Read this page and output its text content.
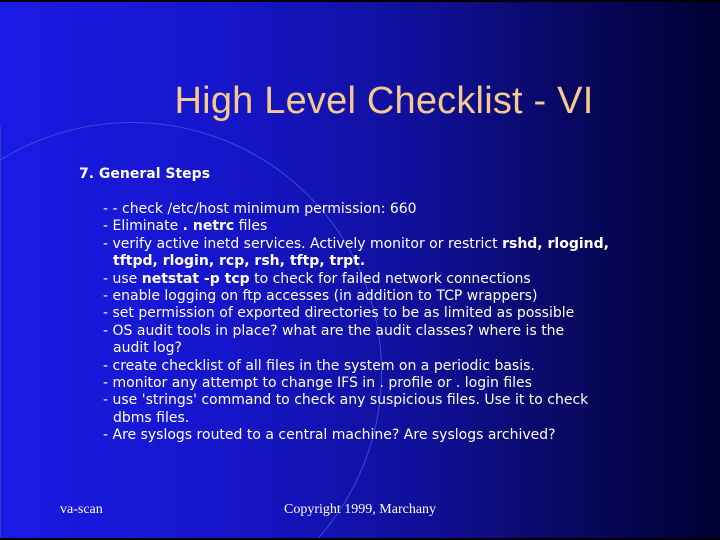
High Level Checklist - VI

7. General Steps

- - check /etc/host minimum permission: 660
- Eliminate . netrc files
- verify active inetd services. Actively monitor or restrict rshd, rlogind,
tftpd, rlogin, rcp, rsh, tftp, trpt.
- use netstat -p tcp to check for failed network connections
- enable logging on ftp accesses (in addition to TCP wrappers)
- set permission of exported directories to be as limited as possible
- OS audit tools in place? what are the audit classes? where is the
audit log?
- create checklist of all files in the system on a periodic basis.
- monitor any attempt to change IFS in . profile or . login files
- use 'strings' command to check any suspicious files. Use it to check
dbms files.
- Are syslogs routed to a central machine? Are syslogs archived?

va-scan	Copyright 1999, Marchany
